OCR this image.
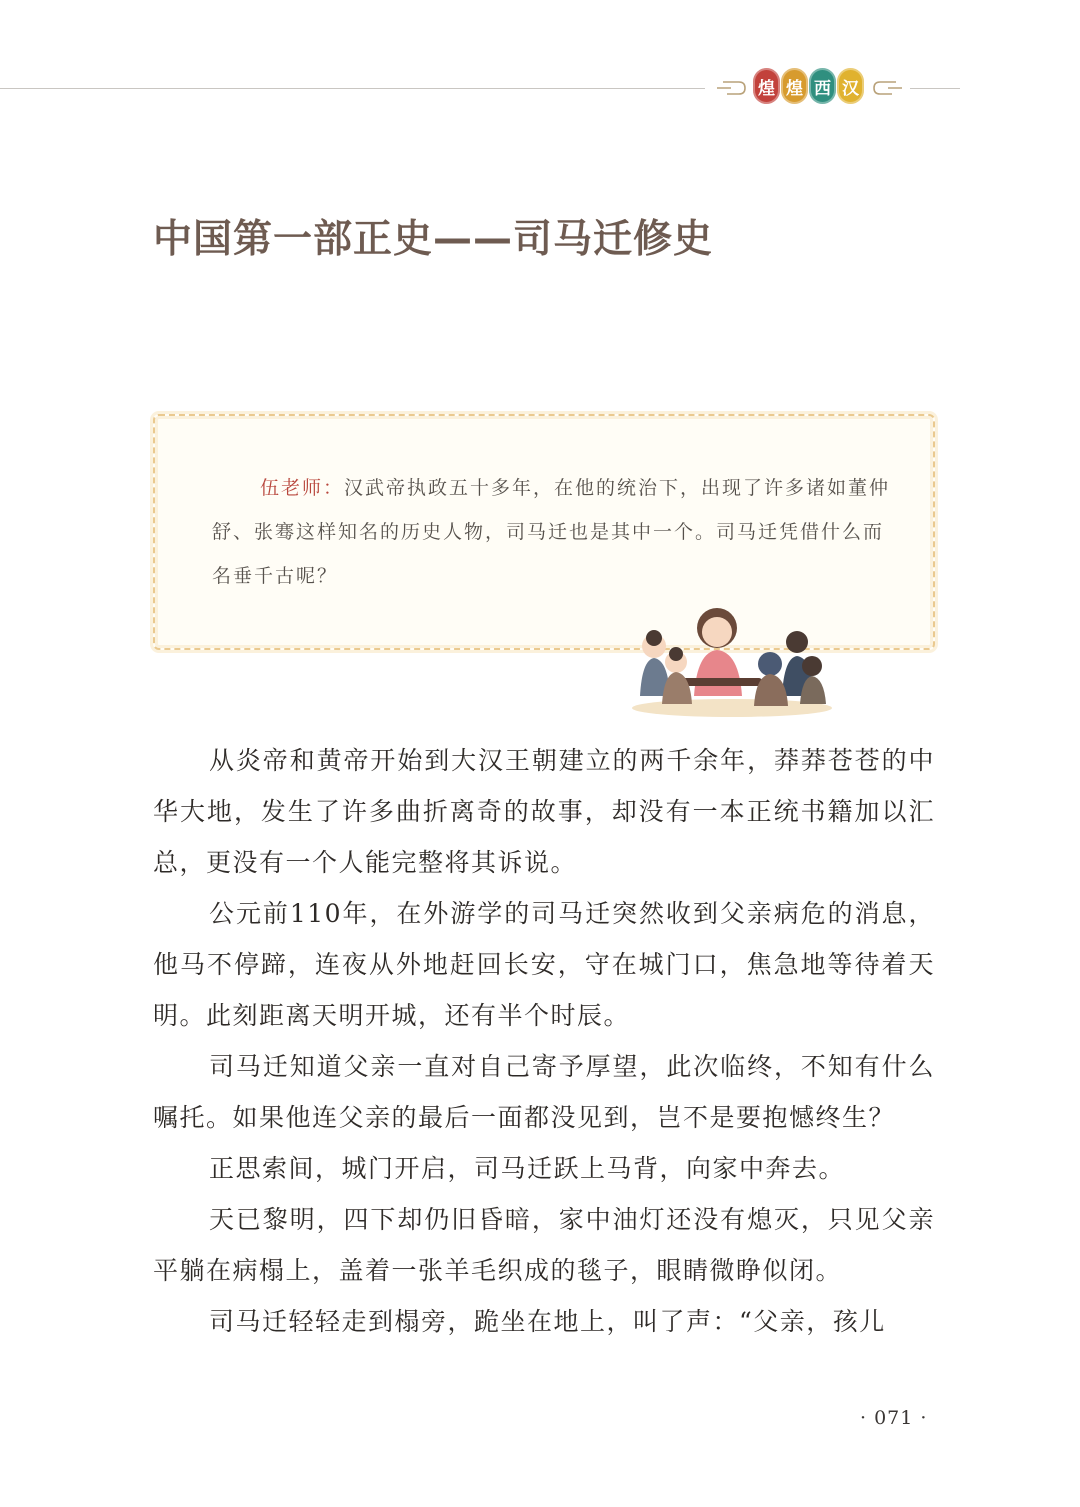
煌 煌 西 汉
中国第一部正史——司马迁修史

伍老师：汉武帝执政五十多年，在他的统治下，出现了许多诸如董仲舒、张骞这样知名的历史人物，司马迁也是其中一个。司马迁凭借什么而名垂千古呢？

从炎帝和黄帝开始到大汉王朝建立的两千余年，莽莽苍苍的中华大地，发生了许多曲折离奇的故事，却没有一本正统书籍加以汇总，更没有一个人能完整将其诉说。

公元前110年，在外游学的司马迁突然收到父亲病危的消息，他马不停蹄，连夜从外地赶回长安，守在城门口，焦急地等待着天明。此刻距离天明开城，还有半个时辰。

司马迁知道父亲一直对自己寄予厚望，此次临终，不知有什么嘱托。如果他连父亲的最后一面都没见到，岂不是要抱憾终生？

正思索间，城门开启，司马迁跃上马背，向家中奔去。

天已黎明，四下却仍旧昏暗，家中油灯还没有熄灭，只见父亲平躺在病榻上，盖着一张羊毛织成的毯子，眼睛微睁似闭。

司马迁轻轻走到榻旁，跪坐在地上，叫了声：“父亲，孩儿

· 071 ·
